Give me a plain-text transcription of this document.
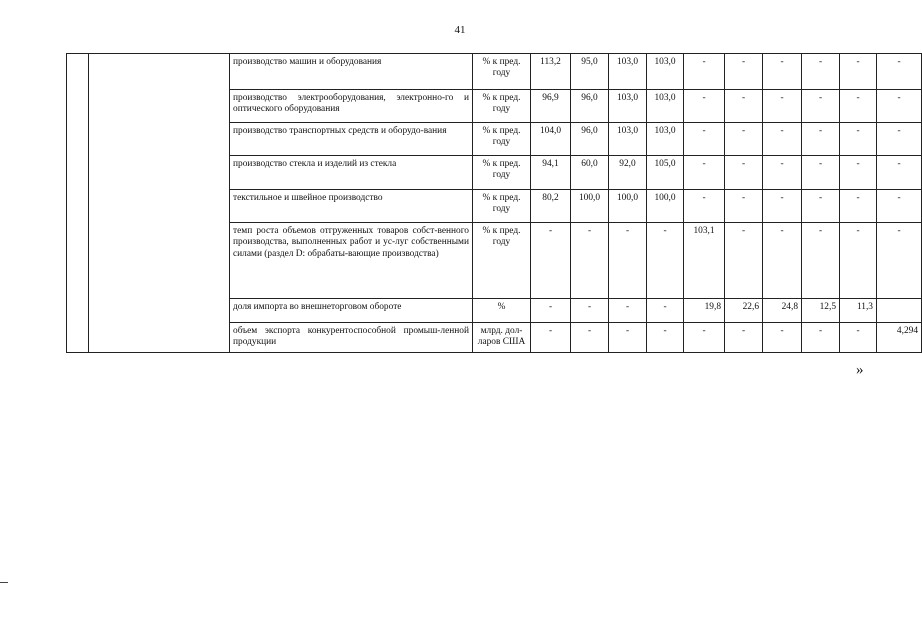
41
		производство машин и оборудования	% к пред. году	113,2	95,0	103,0	103,0	-	-	-	-	-	-
		производство электрооборудования, электронно-го и оптического оборудования	% к пред. году	96,9	96,0	103,0	103,0	-	-	-	-	-	-
		производство транспортных средств и оборудо-вания	% к пред. году	104,0	96,0	103,0	103,0	-	-	-	-	-	-
		производство стекла и изделий из стекла	% к пред. году	94,1	60,0	92,0	105,0	-	-	-	-	-	-
		текстильное и швейное производство	% к пред. году	80,2	100,0	100,0	100,0	-	-	-	-	-	-
		темп роста объемов отгруженных товаров собст-венного производства, выполненных работ и ус-луг собственными силами (раздел D: обрабаты-вающие производства)	% к пред. году	-	-	-	-	103,1	-	-	-	-	-
		доля импорта во внешнеторговом обороте	%	-	-	-	-	19,8	22,6	24,8	12,5	11,3	
		объем экспорта конкурентоспособной промыш-ленной продукции	млрд. дол-ларов США	-	-	-	-	-	-	-	-	-	4,294
»
